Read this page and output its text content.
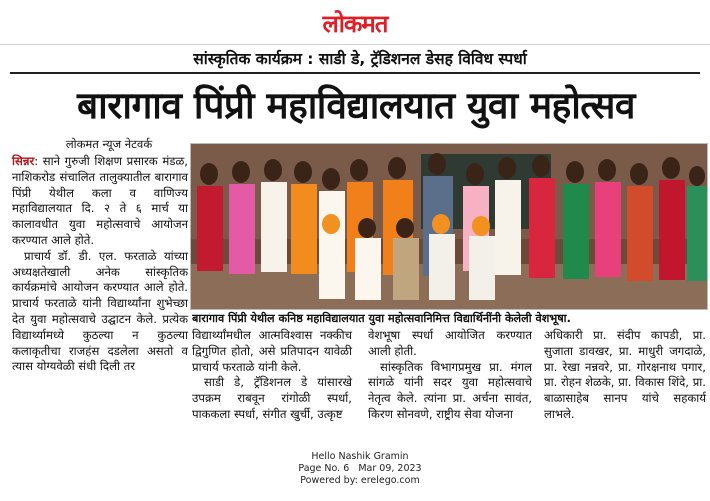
लोकमत
सांस्कृतिक कार्यक्रम : साडी डे, ट्रॅडिशनल डेसह विविध स्पर्धा
बारागाव पिंप्री महाविद्यालयात युवा महोत्सव
लोकमत न्यूज नेटवर्क

सिन्नर: साने गुरुजी शिक्षण प्रसारक मंडळ, नाशिकरोड संचालित तालुक्यातील बारागाव पिंप्री येथील कला व वाणिज्य महाविद्यालयात दि. २ ते ६ मार्च या कालावधीत युवा महोत्सवाचे आयोजन करण्यात आले होते.

प्राचार्य डॉ. डी. एल. फरताळे यांच्या अध्यक्षतेखाली अनेक सांस्कृतिक कार्यक्रमांचे आयोजन करण्यात आले होते. प्राचार्य फरताळे यांनी विद्यार्थ्यांना शुभेच्छा देत युवा महोत्सवाचे उद्घाटन केले. प्रत्येक विद्यार्थ्यामध्ये कुठल्या न कुठल्या कलाकृतीचा राजहंस दडलेला असतो व त्यास योग्यवेळी संधी दिली तर

बारागाव पिंप्री येथील कनिष्ठ महाविद्यालयात युवा महोत्सवानिमित्त विद्यार्थिनींनी केलेली वेशभूषा.

विद्यार्थ्यांमधील आत्मविश्वास नक्कीच द्विगुणित होतो, असे प्रतिपादन यावेळी प्राचार्य फरताळे यांनी केले.

साडी डे, ट्रॅडिशनल डे यांसारखे उपक्रम राबवून रांगोळी स्पर्धा, पाककला स्पर्धा, संगीत खुर्ची, उत्कृष्ट

वेशभूषा स्पर्धा आयोजित करण्यात आली होती.

सांस्कृतिक विभागप्रमुख प्रा. मंगल सांगळे यांनी सदर युवा महोत्सवाचे नेतृत्व केले. त्यांना प्रा. अर्चना सावंत, किरण सोनवणे, राष्ट्रीय सेवा योजना

अधिकारी प्रा. संदीप कापडी, प्रा. सुजाता डावखर, प्रा. माधुरी जगदाळे, प्रा. रेखा नन्नवरे, प्रा. गोरक्षनाथ पगार, प्रा. रोहन शेळके, प्रा. विकास शिंदे, प्रा. बाळासाहेब सानप यांचे सहकार्य लाभले.

Hello Nashik Gramin
Page No. 6 Mar 09, 2023
Powered by: erelego.com
